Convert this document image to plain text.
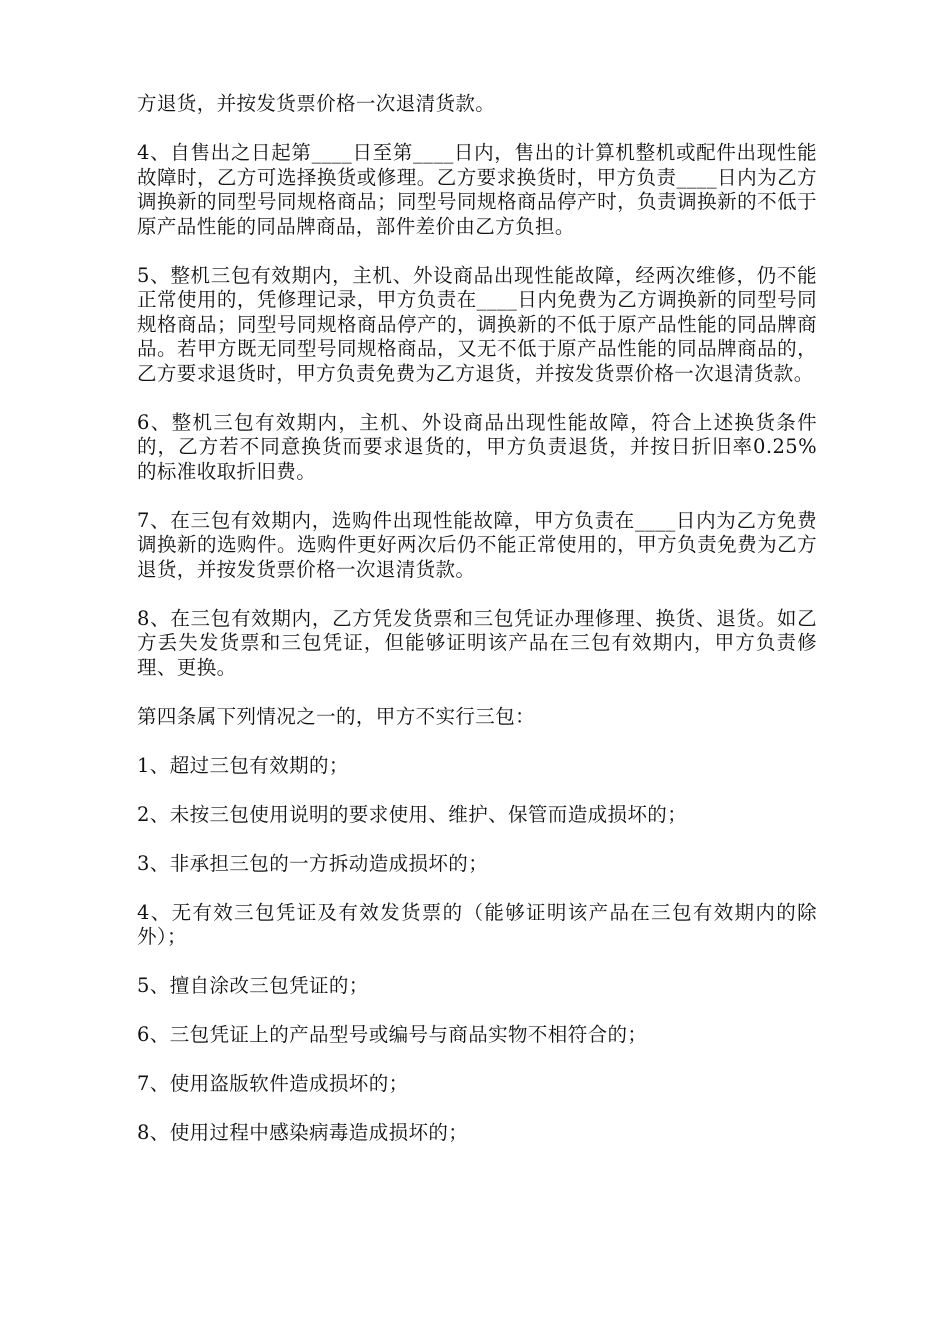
方退货，并按发货票价格一次退清货款。

4、自售出之日起第____日至第____日内，售出的计算机整机或配件出现性能故障时，乙方可选择换货或修理。乙方要求换货时，甲方负责____日内为乙方调换新的同型号同规格商品；同型号同规格商品停产时，负责调换新的不低于原产品性能的同品牌商品，部件差价由乙方负担。

5、整机三包有效期内，主机、外设商品出现性能故障，经两次维修，仍不能正常使用的，凭修理记录，甲方负责在____日内免费为乙方调换新的同型号同规格商品；同型号同规格商品停产的，调换新的不低于原产品性能的同品牌商品。若甲方既无同型号同规格商品，又无不低于原产品性能的同品牌商品的，乙方要求退货时，甲方负责免费为乙方退货，并按发货票价格一次退清货款。

6、整机三包有效期内，主机、外设商品出现性能故障，符合上述换货条件的，乙方若不同意换货而要求退货的，甲方负责退货，并按日折旧率0.25%的标准收取折旧费。

7、在三包有效期内，选购件出现性能故障，甲方负责在____日内为乙方免费调换新的选购件。选购件更好两次后仍不能正常使用的，甲方负责免费为乙方退货，并按发货票价格一次退清货款。

8、在三包有效期内，乙方凭发货票和三包凭证办理修理、换货、退货。如乙方丢失发货票和三包凭证，但能够证明该产品在三包有效期内，甲方负责修理、更换。

第四条属下列情况之一的，甲方不实行三包：

1、超过三包有效期的；

2、未按三包使用说明的要求使用、维护、保管而造成损坏的；

3、非承担三包的一方拆动造成损坏的；

4、无有效三包凭证及有效发货票的（能够证明该产品在三包有效期内的除外）；

5、擅自涂改三包凭证的；

6、三包凭证上的产品型号或编号与商品实物不相符合的；

7、使用盗版软件造成损坏的；

8、使用过程中感染病毒造成损坏的；
